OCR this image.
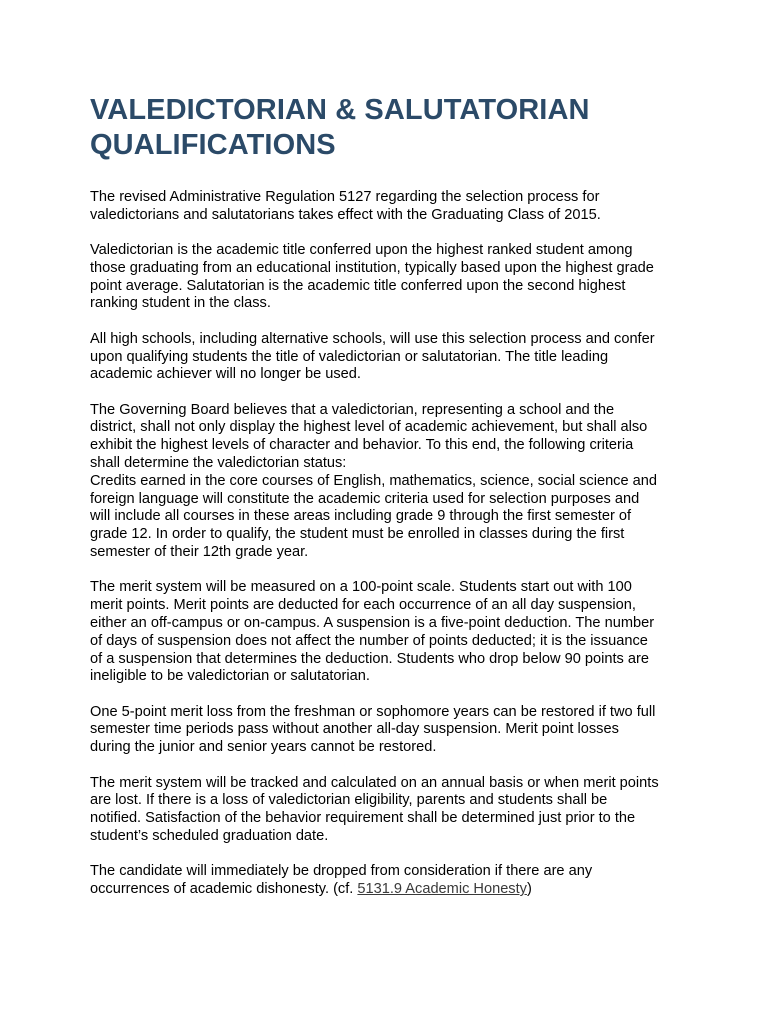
VALEDICTORIAN & SALUTATORIAN
QUALIFICATIONS

The revised Administrative Regulation 5127 regarding the selection process for
valedictorians and salutatorians takes effect with the Graduating Class of 2015.

Valedictorian is the academic title conferred upon the highest ranked student among
those graduating from an educational institution, typically based upon the highest grade
point average. Salutatorian is the academic title conferred upon the second highest
ranking student in the class.

All high schools, including alternative schools, will use this selection process and confer
upon qualifying students the title of valedictorian or salutatorian. The title leading
academic achiever will no longer be used.

The Governing Board believes that a valedictorian, representing a school and the
district, shall not only display the highest level of academic achievement, but shall also
exhibit the highest levels of character and behavior. To this end, the following criteria
shall determine the valedictorian status:

Credits earned in the core courses of English, mathematics, science, social science and
foreign language will constitute the academic criteria used for selection purposes and
will include all courses in these areas including grade 9 through the first semester of
grade 12. In order to qualify, the student must be enrolled in classes during the first
semester of their 12th grade year.

The merit system will be measured on a 100-point scale. Students start out with 100
merit points. Merit points are deducted for each occurrence of an all day suspension,
either an off-campus or on-campus. A suspension is a five-point deduction. The number
of days of suspension does not affect the number of points deducted; it is the issuance
of a suspension that determines the deduction. Students who drop below 90 points are
ineligible to be valedictorian or salutatorian.

One 5-point merit loss from the freshman or sophomore years can be restored if two full
semester time periods pass without another all-day suspension. Merit point losses
during the junior and senior years cannot be restored.

The merit system will be tracked and calculated on an annual basis or when merit points
are lost. If there is a loss of valedictorian eligibility, parents and students shall be
notified. Satisfaction of the behavior requirement shall be determined just prior to the
student’s scheduled graduation date.

The candidate will immediately be dropped from consideration if there are any
occurrences of academic dishonesty. (cf. 5131.9 Academic Honesty)
